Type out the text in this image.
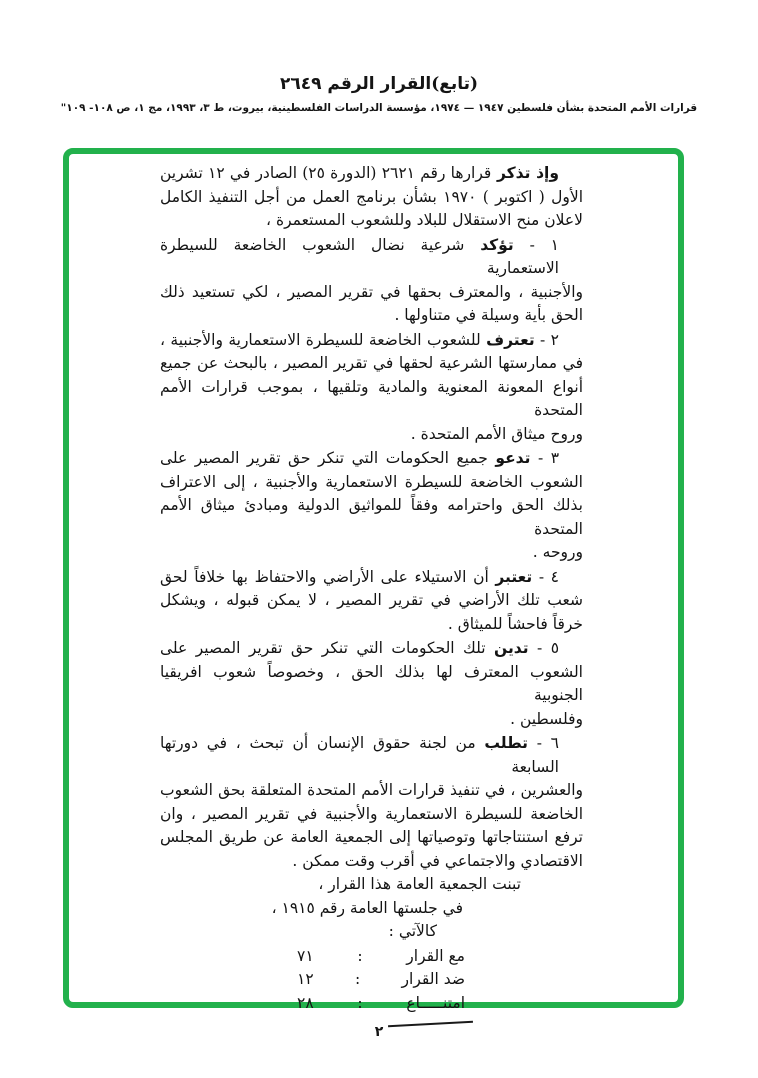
(تابع)القرار الرقم ٢٦٤٩
قرارات الأمم المتحدة بشأن فلسطين ١٩٤٧ — ١٩٧٤، مؤسسة الدراسات الفلسطينية، بيروت، ط ٣، ١٩٩٣، مج ١، ص ١٠٨- ١٠٩"
وإذ تذكر قرارها رقم ٢٦٢١ (الدورة ٢٥) الصادر في ١٢ تشرين
الأول ( اكتوبر ) ١٩٧٠ بشأن برنامج العمل من أجل التنفيذ الكامل
لاعلان منح الاستقلال للبلاد وللشعوب المستعمرة ،
١ - تؤكد شرعية نضال الشعوب الخاضعة للسيطرة الاستعمارية
والأجنبية ، والمعترف بحقها في تقرير المصير ، لكي تستعيد ذلك
الحق بأية وسيلة في متناولها .
٢ - تعترف للشعوب الخاضعة للسيطرة الاستعمارية والأجنبية ،
في ممارستها الشرعية لحقها في تقرير المصير ، بالبحث عن جميع
أنواع المعونة المعنوية والمادية وتلقيها ، بموجب قرارات الأمم المتحدة
وروح ميثاق الأمم المتحدة .
٣ - تدعو جميع الحكومات التي تنكر حق تقرير المصير على
الشعوب الخاضعة للسيطرة الاستعمارية والأجنبية ، إلى الاعتراف
بذلك الحق واحترامه وفقاً للمواثيق الدولية ومبادئ ميثاق الأمم المتحدة
وروحه .
٤ - تعتبر أن الاستيلاء على الأراضي والاحتفاظ بها خلافاً لحق
شعب تلك الأراضي في تقرير المصير ، لا يمكن قبوله ، ويشكل
خرقاً فاحشاً للميثاق .
٥ - تدين تلك الحكومات التي تنكر حق تقرير المصير على
الشعوب المعترف لها بذلك الحق ، وخصوصاً شعوب افريقيا الجنوبية
وفلسطين .
٦ - تطلب من لجنة حقوق الإنسان أن تبحث ، في دورتها السابعة
والعشرين ، في تنفيذ قرارات الأمم المتحدة المتعلقة بحق الشعوب
الخاضعة للسيطرة الاستعمارية والأجنبية في تقرير المصير ، وان
ترفع استنتاجاتها وتوصياتها إلى الجمعية العامة عن طريق المجلس
الاقتصادي والاجتماعي في أقرب وقت ممكن .
تبنت الجمعية العامة هذا القرار ،
في جلستها العامة رقم ١٩١٥ ،
كالآتي :
مع القرار
:
٧١
ضد القرار
:
١٢
امتنـــــاع
:
٢٨
٢
